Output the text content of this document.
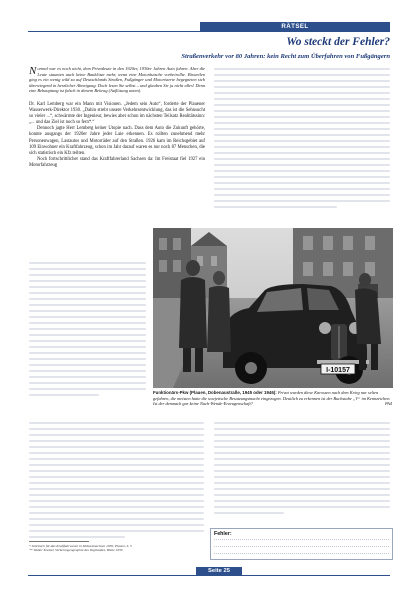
RÄTSEL
Wo steckt der Fehler?
Straßenverkehr vor 80 Jahren: kein Recht zum Überfahren von Fußgängern

Normal war es noch nicht, dem Privatleute in den 1920er, 1930er Jahren Auto fuhren. Aber die Leute staunten auch keine Bauklötze mehr, wenn eine Motorkutsche vorbeirollte. Bisweilen ging es ein wenig wild zu auf Deutschlands Straßen, Fußgänger und Motorisierte begegneten sich überwiegend in herzlicher Abneigung. Doch lesen Sie selbst – und glauben Sie ja nicht alles! Denn eine Behauptung ist falsch in diesem Beitrag (Auflösung unten).

Dr. Karl Lemberg war ein Mann mit Visionen. „Jedem sein Auto“, forderte der Plauener Wasserwerk-Direktor 1930. „Dahin strebt unsere Verkehrsentwicklung, das ist die Sehnsucht so vieler ...“, schwärmte der Ingenieur, bewies aber schon im nächsten Teilsatz Realitätssinn: „... und das Ziel ist noch so fern*.“

Dennoch jagte Herr Lemberg keiner Utopie nach. Dass dem Auto die Zukunft gehörte, konnte ausgangs der 1920er Jahre jeder Laie erkennen. Es rollten zunehmend mehr Personenwagen, Lastautos und Motorräder auf den Straßen. 1926 kam im Reichsgebiet auf 109 Einwohner ein Kraftfahrzeug, schon im Jahr darauf waren es nur noch 87 Menschen, die sich statistisch ein Kfz teilten.

Noch fortschrittlicher stand das Kraftfahrerland Sachsen da: Im Freistaat fiel 1927 ein Motorfahrzeug

I-10157

Funktionärs-Pkw (Plauen, Dobenaustraße, 1945 oder 1946): Privat wurden diese Karossen nach dem Krieg nur selten gefahren, die meisten hatte die sowjetische Besatzungsmacht eingezogen. Deutlich zu erkennen ist der Buchstabe „V“ im Kennzeichen. Ist der demnach gar keine Nach-Wende-Erzeugenschaft?	PA4

Fehler:
* Jahrbuch für das Kraftfahrwesen in Südwestsachsen 1930, Plauen, S. 5
** Walter Kretzel, Verkehrsgeographie des Vogtlandes, Halle 1930
Seite 25
